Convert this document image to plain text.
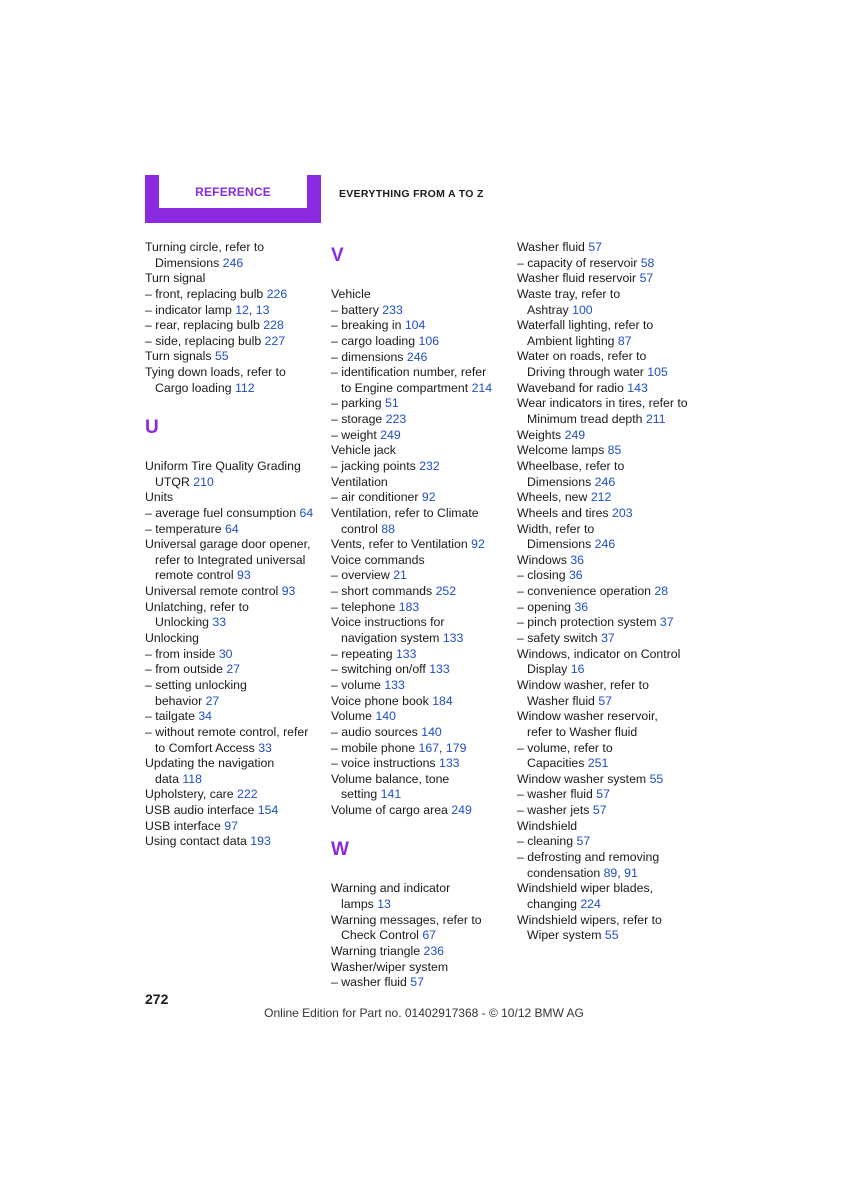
REFERENCE	EVERYTHING FROM A TO Z
Turning circle, refer to
Dimensions 246
Turn signal
– front, replacing bulb 226
– indicator lamp 12, 13
– rear, replacing bulb 228
– side, replacing bulb 227
Turn signals 55
Tying down loads, refer to
Cargo loading 112
U
Uniform Tire Quality Grading
UTQR 210
Units
– average fuel consumption 64
– temperature 64
Universal garage door opener,
refer to Integrated universal
remote control 93
Universal remote control 93
Unlatching, refer to
Unlocking 33
Unlocking
– from inside 30
– from outside 27
– setting unlocking
behavior 27
– tailgate 34
– without remote control, refer
to Comfort Access 33
Updating the navigation
data 118
Upholstery, care 222
USB audio interface 154
USB interface 97
Using contact data 193
V
Vehicle
– battery 233
– breaking in 104
– cargo loading 106
– dimensions 246
– identification number, refer
to Engine compartment 214
– parking 51
– storage 223
– weight 249
Vehicle jack
– jacking points 232
Ventilation
– air conditioner 92
Ventilation, refer to Climate
control 88
Vents, refer to Ventilation 92
Voice commands
– overview 21
– short commands 252
– telephone 183
Voice instructions for
navigation system 133
– repeating 133
– switching on/off 133
– volume 133
Voice phone book 184
Volume 140
– audio sources 140
– mobile phone 167, 179
– voice instructions 133
Volume balance, tone
setting 141
Volume of cargo area 249
W
Warning and indicator
lamps 13
Warning messages, refer to
Check Control 67
Warning triangle 236
Washer/wiper system
– washer fluid 57
Washer fluid 57
– capacity of reservoir 58
Washer fluid reservoir 57
Waste tray, refer to
Ashtray 100
Waterfall lighting, refer to
Ambient lighting 87
Water on roads, refer to
Driving through water 105
Waveband for radio 143
Wear indicators in tires, refer to
Minimum tread depth 211
Weights 249
Welcome lamps 85
Wheelbase, refer to
Dimensions 246
Wheels, new 212
Wheels and tires 203
Width, refer to
Dimensions 246
Windows 36
– closing 36
– convenience operation 28
– opening 36
– pinch protection system 37
– safety switch 37
Windows, indicator on Control
Display 16
Window washer, refer to
Washer fluid 57
Window washer reservoir,
refer to Washer fluid
– volume, refer to
Capacities 251
Window washer system 55
– washer fluid 57
– washer jets 57
Windshield
– cleaning 57
– defrosting and removing
condensation 89, 91
Windshield wiper blades,
changing 224
Windshield wipers, refer to
Wiper system 55
272
Online Edition for Part no. 01402917368 - © 10/12 BMW AG
